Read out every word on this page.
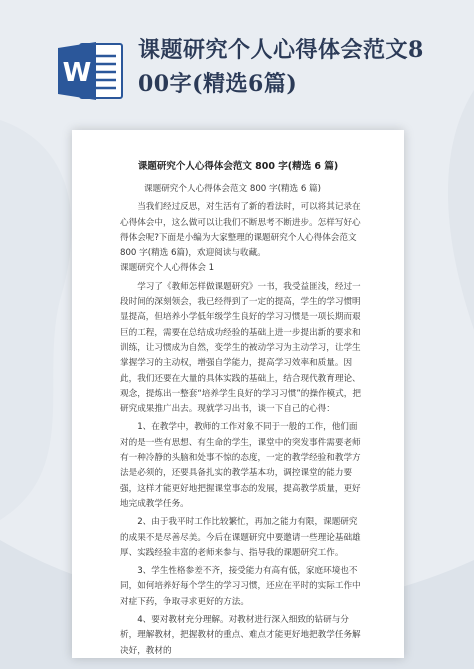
W
课题研究个人心得体会范文8
00字(精选6篇)
课题研究个人心得体会范文 800 字(精选 6 篇)

课题研究个人心得体会范文 800 字(精选 6 篇)

当我们经过反思，对生活有了新的看法时，可以将其记录在心得体会中，这么做可以让我们不断思考不断进步。怎样写好心得体会呢?下面是小编为大家整理的课题研究个人心得体会范文 800 字(精选 6篇)，欢迎阅读与收藏。

课题研究个人心得体会 1

学习了《教师怎样做课题研究》一书，我受益匪浅，经过一段时间的深刻领会，我已经得到了一定的提高，学生的学习惯明显提高，但培养小学低年级学生良好的学习习惯是一项长期而艰巨的工程，需要在总结成功经验的基础上进一步提出新的要求和训练，让习惯成为自然，变学生的被动学习为主动学习，让学生掌握学习的主动权，增强自学能力，提高学习效率和质量。因此，我们还要在大量的具体实践的基础上，结合现代教育理论、观念，提炼出一整套“培养学生良好的学习习惯”的操作模式，把研究成果推广出去。现就学习出书，谈一下自己的心得：

1、在教学中，教师的工作对象不同于一般的工作，他们面对的是一些有思想、有生命的学生，课堂中的突发事件需要老师有一种冷静的头脑和处事不惊的态度，一定的教学经验和教学方法是必须的，还要具备扎实的教学基本功，调控课堂的能力要强，这样才能更好地把握课堂事态的发展，提高教学质量，更好地完成教学任务。

2、由于我平时工作比较繁忙，再加之能力有限，课题研究的成果不是尽善尽美。今后在课题研究中要邀请一些理论基础雄厚、实践经验丰富的老师来参与、指导我的课题研究工作。

3、学生性格参差不齐，接受能力有高有低，家庭环境也不同，如何培养好每个学生的学习习惯，还应在平时的实际工作中对症下药，争取寻求更好的方法。

4、要对教材充分理解。对教材进行深入细致的钻研与分析，理解教材，把握教材的重点、难点才能更好地把教学任务解决好，教材的
